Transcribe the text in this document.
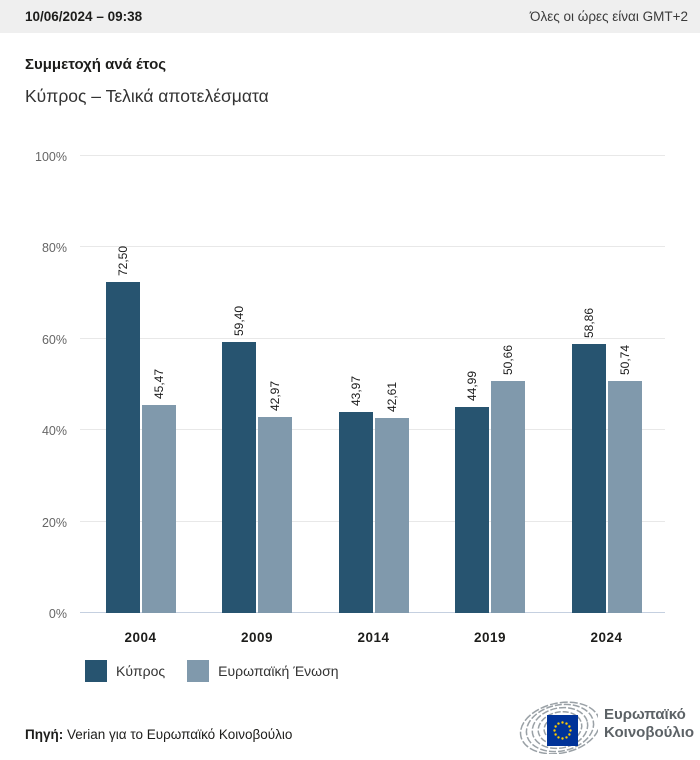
10/06/2024 – 09:38	Όλες οι ώρες είναι GMT+2
Συμμετοχή ανά έτος
Κύπρος – Τελικά αποτελέσματα
0%
20%
40%
60%
80%
100%
72,50
45,47
2004
59,40
42,97
2009
43,97 42,61
2014
44,99
50,66
2019
58,86
50,74
2024
Κύπρος	Ευρωπαϊκή Ένωση
Πηγή: Verian για το Ευρωπαϊκό Κοινοβούλιο
Ευρωπαϊκό
Κοινοβούλιο
